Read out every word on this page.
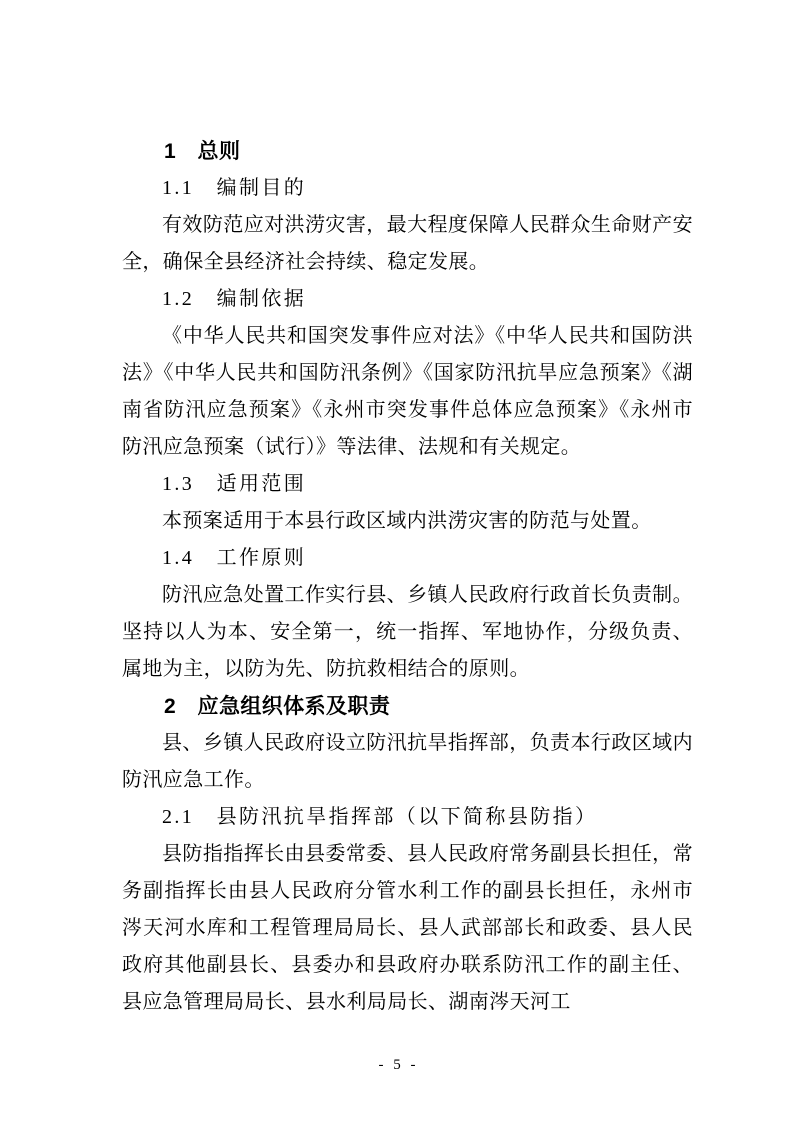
1　总则

1.1　编制目的

有效防范应对洪涝灾害，最大程度保障人民群众生命财产安全，确保全县经济社会持续、稳定发展。

1.2　编制依据

《中华人民共和国突发事件应对法》《中华人民共和国防洪法》《中华人民共和国防汛条例》《国家防汛抗旱应急预案》《湖南省防汛应急预案》《永州市突发事件总体应急预案》《永州市防汛应急预案（试行）》等法律、法规和有关规定。

1.3　适用范围

本预案适用于本县行政区域内洪涝灾害的防范与处置。

1.4　工作原则

防汛应急处置工作实行县、乡镇人民政府行政首长负责制。坚持以人为本、安全第一，统一指挥、军地协作，分级负责、属地为主，以防为先、防抗救相结合的原则。

2　应急组织体系及职责

县、乡镇人民政府设立防汛抗旱指挥部，负责本行政区域内防汛应急工作。

2.1　县防汛抗旱指挥部（以下简称县防指）

县防指指挥长由县委常委、县人民政府常务副县长担任，常务副指挥长由县人民政府分管水利工作的副县长担任，永州市涔天河水库和工程管理局局长、县人武部部长和政委、县人民政府其他副县长、县委办和县政府办联系防汛工作的副主任、县应急管理局局长、县水利局局长、湖南涔天河工

- 5 -
